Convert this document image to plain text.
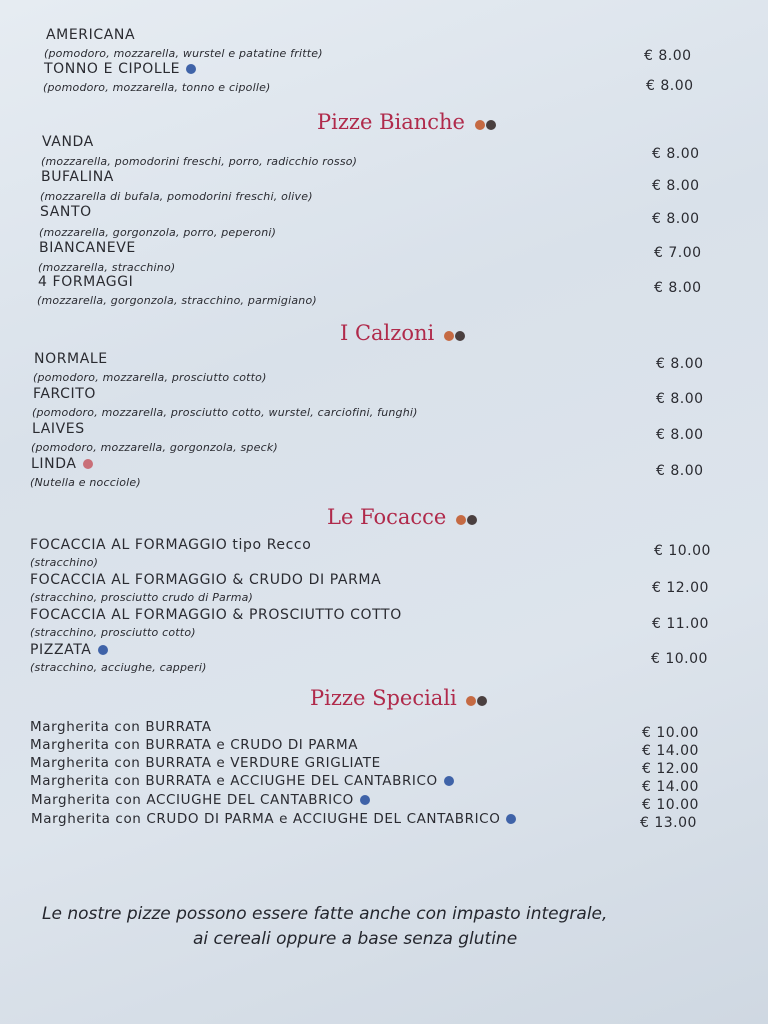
AMERICANA
(pomodoro, mozzarella, wurstel e patatine fritte)	€ 8.00
TONNO E CIPOLLE
(pomodoro, mozzarella, tonno e cipolle)	€ 8.00
Pizze Bianche
VANDA
(mozzarella, pomodorini freschi, porro, radicchio rosso)	€ 8.00
BUFALINA
(mozzarella di bufala, pomodorini freschi, olive)
€ 8.00
SANTO
(mozzarella, gorgonzola, porro, peperoni)
€ 8.00
BIANCANEVE
(mozzarella, stracchino)
€ 7.00
4 FORMAGGI
(mozzarella, gorgonzola, stracchino, parmigiano)
€ 8.00
I Calzoni
NORMALE
(pomodoro, mozzarella, prosciutto cotto)
€ 8.00
FARCITO
(pomodoro, mozzarella, prosciutto cotto, wurstel, carciofini, funghi)
€ 8.00
LAIVES
(pomodoro, mozzarella, gorgonzola, speck)
€ 8.00
LINDA
(Nutella e nocciole)
€ 8.00
Le Focacce
FOCACCIA AL FORMAGGIO tipo Recco
(stracchino)
€ 10.00
FOCACCIA AL FORMAGGIO & CRUDO DI PARMA
(stracchino, prosciutto crudo di Parma)
€ 12.00
FOCACCIA AL FORMAGGIO & PROSCIUTTO COTTO
(stracchino, prosciutto cotto)
€ 11.00
PIZZATA
(stracchino, acciughe, capperi)
€ 10.00
Pizze Speciali
Margherita con BURRATA	€ 10.00
Margherita con BURRATA e CRUDO DI PARMA	€ 14.00
Margherita con BURRATA e VERDURE GRIGLIATE	€ 12.00
Margherita con BURRATA e ACCIUGHE DEL CANTABRICO	€ 14.00
Margherita con ACCIUGHE DEL CANTABRICO	€ 10.00
Margherita con CRUDO DI PARMA e ACCIUGHE DEL CANTABRICO	€ 13.00
Le nostre pizze possono essere fatte anche con impasto integrale,
ai cereali oppure a base senza glutine
